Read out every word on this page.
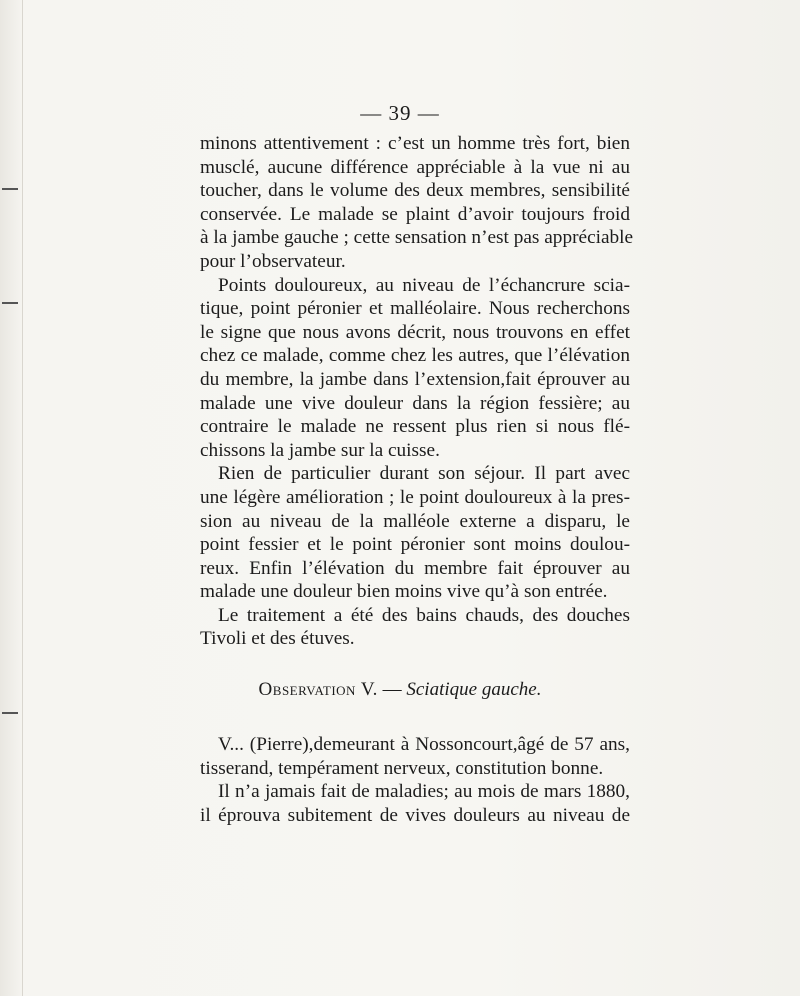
— 39 —
minons attentivement : c’est un homme très fort, bien
musclé, aucune différence appréciable à la vue ni au
toucher, dans le volume des deux membres, sensibilité
conservée. Le malade se plaint d’avoir toujours froid
à la jambe gauche ; cette sensation n’est pas appréciable
pour l’observateur.
Points douloureux, au niveau de l’échancrure scia-
tique, point péronier et malléolaire. Nous recherchons
le signe que nous avons décrit, nous trouvons en effet
chez ce malade, comme chez les autres, que l’élévation
du membre, la jambe dans l’extension,fait éprouver au
malade une vive douleur dans la région fessière; au
contraire le malade ne ressent plus rien si nous flé-
chissons la jambe sur la cuisse.
Rien de particulier durant son séjour. Il part avec
une légère amélioration ; le point douloureux à la pres-
sion au niveau de la malléole externe a disparu, le
point fessier et le point péronier sont moins doulou-
reux. Enfin l’élévation du membre fait éprouver au
malade une douleur bien moins vive qu’à son entrée.
Le traitement a été des bains chauds, des douches
Tivoli et des étuves.
Observation V. — Sciatique gauche.
V... (Pierre),demeurant à Nossoncourt,âgé de 57 ans,
tisserand, tempérament nerveux, constitution bonne.
Il n’a jamais fait de maladies; au mois de mars 1880,
il éprouva subitement de vives douleurs au niveau de
